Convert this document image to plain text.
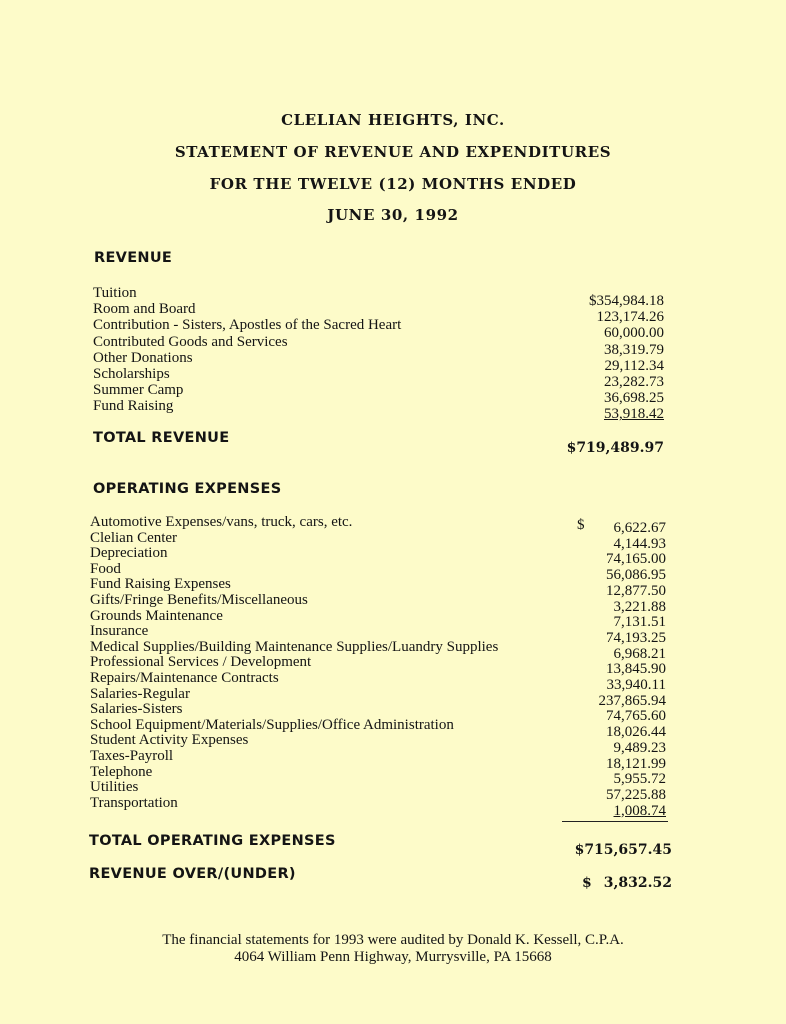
CLELIAN HEIGHTS, INC.
STATEMENT OF REVENUE AND EXPENDITURES
FOR THE TWELVE (12) MONTHS ENDED
JUNE 30, 1992
REVENUE
Tuition
Room and Board
Contribution - Sisters, Apostles of the Sacred Heart
Contributed Goods and Services
Other Donations
Scholarships
Summer Camp
Fund Raising
$354,984.18
123,174.26
60,000.00
38,319.79
29,112.34
23,282.73
36,698.25
53,918.42
TOTAL REVENUE
$719,489.97
OPERATING EXPENSES
Automotive Expenses/vans, truck, cars, etc.
Clelian Center
Depreciation
Food
Fund Raising Expenses
Gifts/Fringe Benefits/Miscellaneous
Grounds Maintenance
Insurance
Medical Supplies/Building Maintenance Supplies/Luandry Supplies
Professional Services / Development
Repairs/Maintenance Contracts
Salaries-Regular
Salaries-Sisters
School Equipment/Materials/Supplies/Office Administration
Student Activity Expenses
Taxes-Payroll
Telephone
Utilities
Transportation
$ 6,622.67
4,144.93
74,165.00
56,086.95
12,877.50
3,221.88
7,131.51
74,193.25
6,968.21
13,845.90
33,940.11
237,865.94
74,765.60
18,026.44
9,489.23
18,121.99
5,955.72
57,225.88
1,008.74
TOTAL OPERATING EXPENSES
$715,657.45
REVENUE OVER/(UNDER)
$ 3,832.52
The financial statements for 1993 were audited by Donald K. Kessell, C.P.A.
4064 William Penn Highway, Murrysville, PA 15668
